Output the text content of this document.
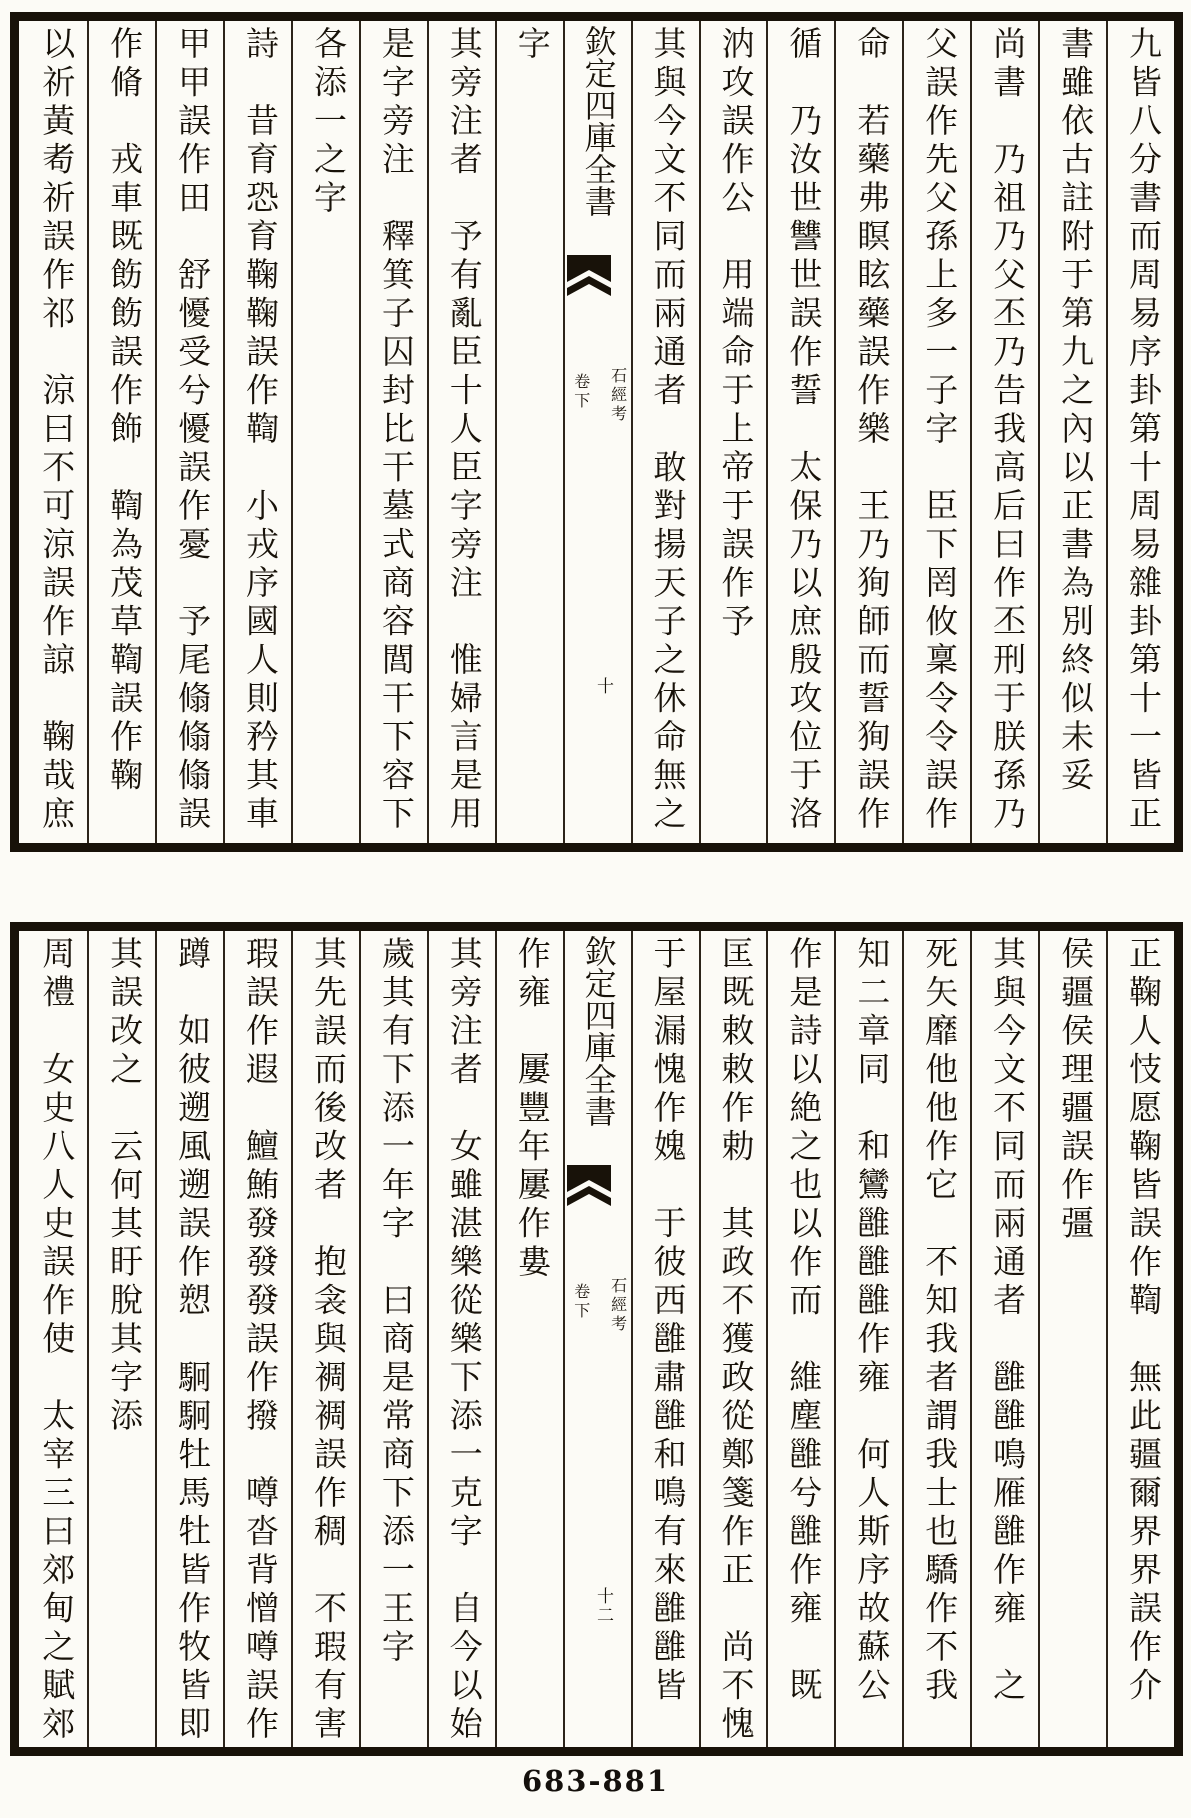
九皆八分書而周易序卦第十周易雜卦第十一皆正
書雖依古註附于第九之內以正書為別終似未妥
尚書　乃祖乃父丕乃告我高后曰作丕刑于朕孫乃
父誤作先父孫上多一子字　臣下罔攸稟令令誤作
命　若藥弗瞑眩藥誤作樂　王乃狥師而誓狥誤作
循　乃汝世讐世誤作誓　太保乃以庶殷攻位于洛
汭攻誤作公　用端命于上帝于誤作予
其與今文不同而兩通者　敢對揚天子之休命無之
欽定四庫全書
石經考
卷下
十
字
其旁注者　予有亂臣十人臣字旁注　惟婦言是用
是字旁注　釋箕子囚封比干墓式商容閭干下容下
各添一之字
詩　昔育恐育鞠鞠誤作鞫　小戎序國人則矜其車
甲甲誤作田　舒懮受兮懮誤作憂　予尾翛翛翛誤
作脩　戎車既飭飭誤作飾　鞫為茂草鞫誤作鞠
以祈黃耇祈誤作祁　涼曰不可涼誤作諒　鞠哉庶
正鞠人忮愿鞠皆誤作鞫　無此疆爾界界誤作介
侯疆侯理疆誤作彊
其與今文不同而兩通者　雝雝鳴雁雝作雍　之
死矢靡他他作它　不知我者謂我士也驕作不我
知二章同　和鸞雝雝雝作雍　何人斯序故蘇公
作是詩以絶之也以作而　維塵雝兮雝作雍　既
匡既敕敕作勅　其政不獲政從鄭箋作正　尚不愧
于屋漏愧作媿　于彼西雝肅雝和鳴有來雝雝皆
欽定四庫全書
石經考
卷下
十二
作雍　屢豐年屢作婁
其旁注者　女雖湛樂從樂下添一克字　自今以始
歲其有下添一年字　曰商是常商下添一王字
其先誤而後改者　抱衾與裯裯誤作稠　不瑕有害
瑕誤作遐　鱣鮪發發發誤作撥　噂沓背憎噂誤作
蹲　如彼遡風遡誤作愬　駉駉牡馬牡皆作牧皆即
其誤改之　云何其盱脫其字添
周禮　女史八人史誤作使　太宰三曰郊甸之賦郊
683-881
